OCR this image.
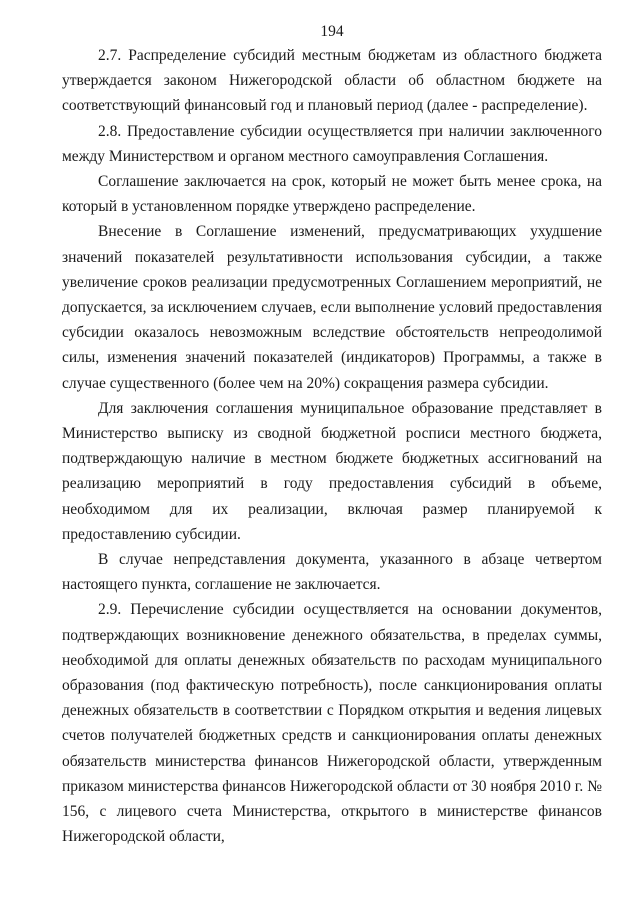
194

2.7. Распределение субсидий местным бюджетам из областного бюджета утверждается законом Нижегородской области об областном бюджете на соответствующий финансовый год и плановый период (далее - распределение).

2.8. Предоставление субсидии осуществляется при наличии заключенного между Министерством и органом местного самоуправления Соглашения.

Соглашение заключается на срок, который не может быть менее срока, на который в установленном порядке утверждено распределение.

Внесение в Соглашение изменений, предусматривающих ухудшение значений показателей результативности использования субсидии, а также увеличение сроков реализации предусмотренных Соглашением мероприятий, не допускается, за исключением случаев, если выполнение условий предоставления субсидии оказалось невозможным вследствие обстоятельств непреодолимой силы, изменения значений показателей (индикаторов) Программы, а также в случае существенного (более чем на 20%) сокращения размера субсидии.

Для заключения соглашения муниципальное образование представляет в Министерство выписку из сводной бюджетной росписи местного бюджета, подтверждающую наличие в местном бюджете бюджетных ассигнований на реализацию мероприятий в году предоставления субсидий в объеме, необходимом для их реализации, включая размер планируемой к предоставлению субсидии.

В случае непредставления документа, указанного в абзаце четвертом настоящего пункта, соглашение не заключается.

2.9. Перечисление субсидии осуществляется на основании документов, подтверждающих возникновение денежного обязательства, в пределах суммы, необходимой для оплаты денежных обязательств по расходам муниципального образования (под фактическую потребность), после санкционирования оплаты денежных обязательств в соответствии с Порядком открытия и ведения лицевых счетов получателей бюджетных средств и санкционирования оплаты денежных обязательств министерства финансов Нижегородской области, утвержденным приказом министерства финансов Нижегородской области от 30 ноября 2010 г. № 156, с лицевого счета Министерства, открытого в министерстве финансов Нижегородской области,
